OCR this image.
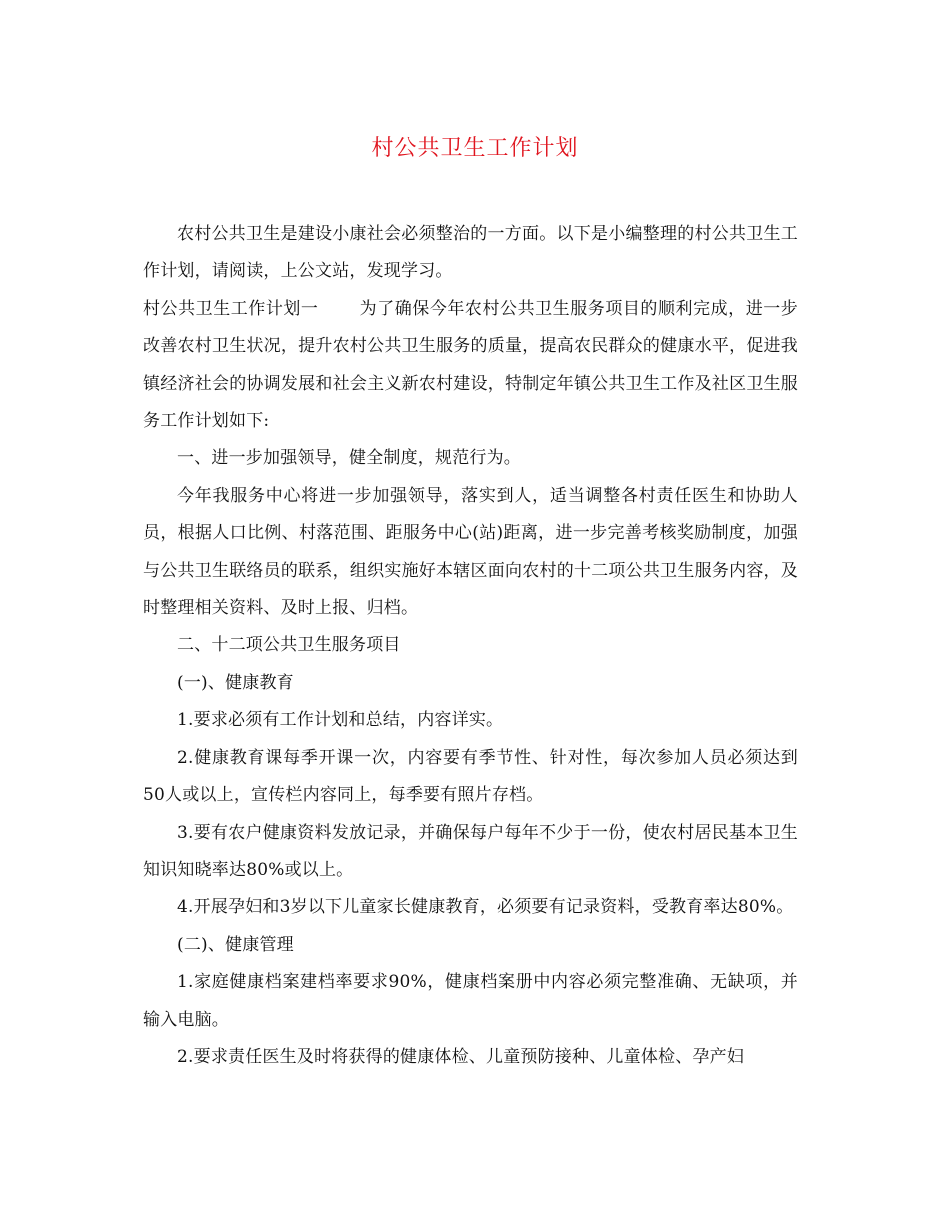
村公共卫生工作计划

农村公共卫生是建设小康社会必须整治的一方面。以下是小编整理的村公共卫生工作计划，请阅读，上公文站，发现学习。

村公共卫生工作计划一 为了确保今年农村公共卫生服务项目的顺利完成，进一步改善农村卫生状况，提升农村公共卫生服务的质量，提高农民群众的健康水平，促进我镇经济社会的协调发展和社会主义新农村建设，特制定年镇公共卫生工作及社区卫生服务工作计划如下:

一、进一步加强领导，健全制度，规范行为。

今年我服务中心将进一步加强领导，落实到人，适当调整各村责任医生和协助人员，根据人口比例、村落范围、距服务中心(站)距离，进一步完善考核奖励制度，加强与公共卫生联络员的联系，组织实施好本辖区面向农村的十二项公共卫生服务内容，及时整理相关资料、及时上报、归档。

二、十二项公共卫生服务项目

(一)、健康教育

1.要求必须有工作计划和总结，内容详实。

2.健康教育课每季开课一次，内容要有季节性、针对性，每次参加人员必须达到50人或以上，宣传栏内容同上，每季要有照片存档。

3.要有农户健康资料发放记录，并确保每户每年不少于一份，使农村居民基本卫生知识知晓率达80%或以上。

4.开展孕妇和3岁以下儿童家长健康教育，必须要有记录资料，受教育率达80%。

(二)、健康管理

1.家庭健康档案建档率要求90%，健康档案册中内容必须完整准确、无缺项，并输入电脑。

2.要求责任医生及时将获得的健康体检、儿童预防接种、儿童体检、孕产妇
